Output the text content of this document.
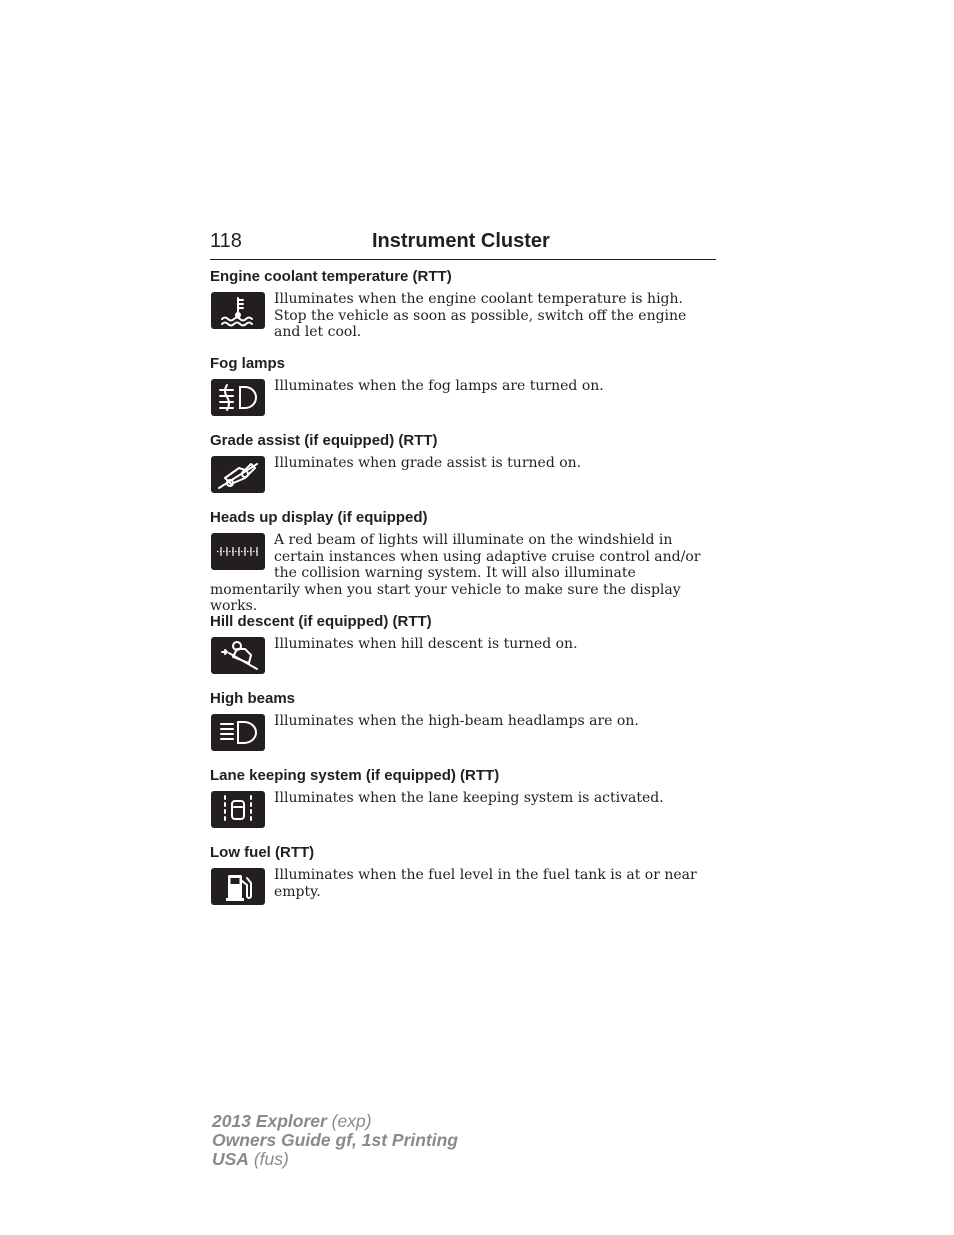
118	Instrument Cluster
Engine coolant temperature (RTT)

Illuminates when the engine coolant temperature is high. Stop the vehicle as soon as possible, switch off the engine and let cool.

Fog lamps

Illuminates when the fog lamps are turned on.

Grade assist (if equipped) (RTT)

Illuminates when grade assist is turned on.

Heads up display (if equipped)

A red beam of lights will illuminate on the windshield in certain instances when using adaptive cruise control and/or the collision warning system. It will also illuminate momentarily when you start your vehicle to make sure the display works.

Hill descent (if equipped) (RTT)

Illuminates when hill descent is turned on.

High beams

Illuminates when the high-beam headlamps are on.

Lane keeping system (if equipped) (RTT)

Illuminates when the lane keeping system is activated.

Low fuel (RTT)

Illuminates when the fuel level in the fuel tank is at or near empty.

2013 Explorer (exp)
Owners Guide gf, 1st Printing
USA (fus)
